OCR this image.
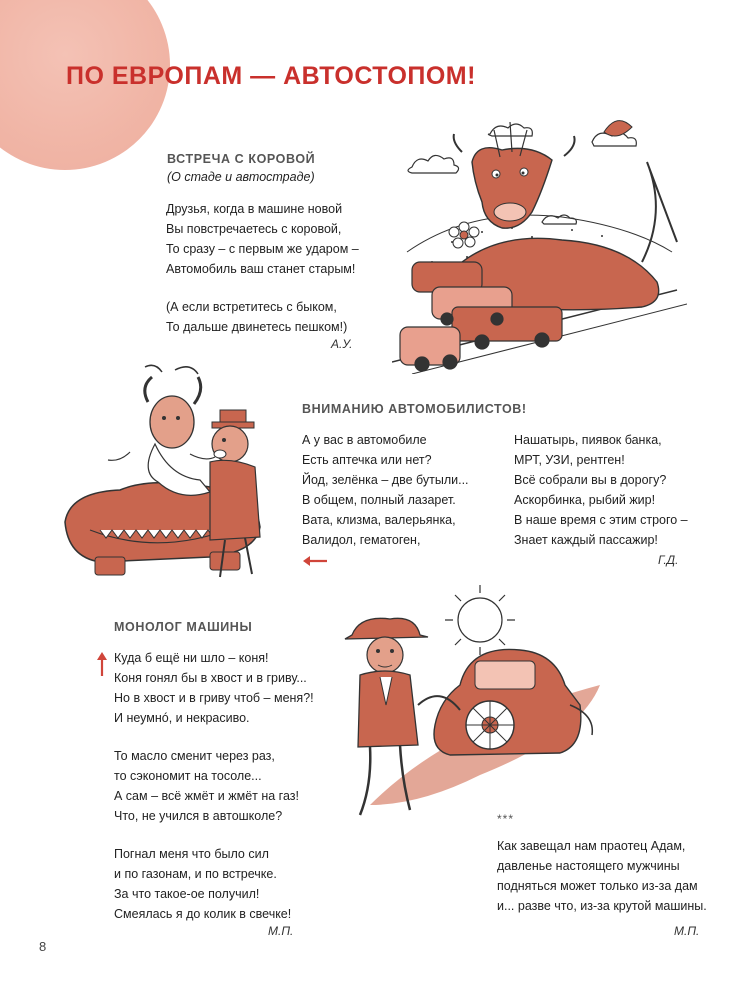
ПО ЕВРОПАМ — АВТОСТОПОМ!
ВСТРЕЧА С КОРОВОЙ
(О стаде и автостраде)
Друзья, когда в машине новой
Вы повстречаетесь с коровой,
То сразу – с первым же ударом –
Автомобиль ваш станет старым!
(А если встретитесь с быком,
То дальше двинетесь пешком!)
А.У.
ВНИМАНИЮ АВТОМОБИЛИСТОВ!
А у вас в автомобиле
Есть аптечка или нет?
Йод, зелёнка – две бутыли...
В общем, полный лазарет.
Вата, клизма, валерьянка,
Валидол, гематоген,
Нашатырь, пиявок банка,
МРТ, УЗИ, рентген!
Всё собрали вы в дорогу?
Аскорбинка, рыбий жир!
В наше время с этим строго –
Знает каждый пассажир!
Г.Д.
МОНОЛОГ МАШИНЫ
Куда б ещё ни шло – коня!
Коня гонял бы в хвост и в гриву...
Но в хвост и в гриву чтоб – меня?!
И неумнó, и некрасиво.
То масло сменит через раз,
то сэкономит на тосоле...
А сам – всё жмёт и жмёт на газ!
Что, не учился в автошколе?
Погнал меня что было сил
и по газонам, и по встречке.
За что такое-ое получил!
Смеялась я до колик в свечке!
М.П.
***
Как завещал нам праотец Адам,
давленье настоящего мужчины
подняться может только из-за дам
и... разве что, из-за крутой машины.
М.П.
8
